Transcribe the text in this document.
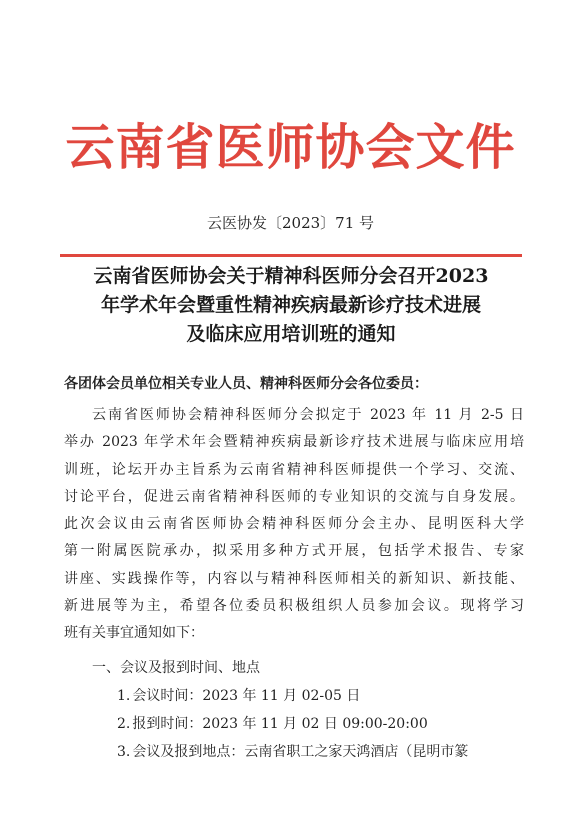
云南省医师协会文件
云医协发〔2023〕71 号
云南省医师协会关于精神科医师分会召开2023
年学术年会暨重性精神疾病最新诊疗技术进展
及临床应用培训班的通知
各团体会员单位相关专业人员、精神科医师分会各位委员：
云南省医师协会精神科医师分会拟定于 2023 年 11 月 2-5 日
举办 2023 年学术年会暨精神疾病最新诊疗技术进展与临床应用培
训班，论坛开办主旨系为云南省精神科医师提供一个学习、交流、
讨论平台，促进云南省精神科医师的专业知识的交流与自身发展。
此次会议由云南省医师协会精神科医师分会主办、昆明医科大学
第一附属医院承办，拟采用多种方式开展，包括学术报告、专家
讲座、实践操作等，内容以与精神科医师相关的新知识、新技能、
新进展等为主，希望各位委员积极组织人员参加会议。现将学习
班有关事宜通知如下：
一、会议及报到时间、地点
1. 会议时间：2023 年 11 月 02-05 日
2. 报到时间：2023 年 11 月 02 日 09:00-20:00
3. 会议及报到地点：云南省职工之家天鸿酒店（昆明市篆
